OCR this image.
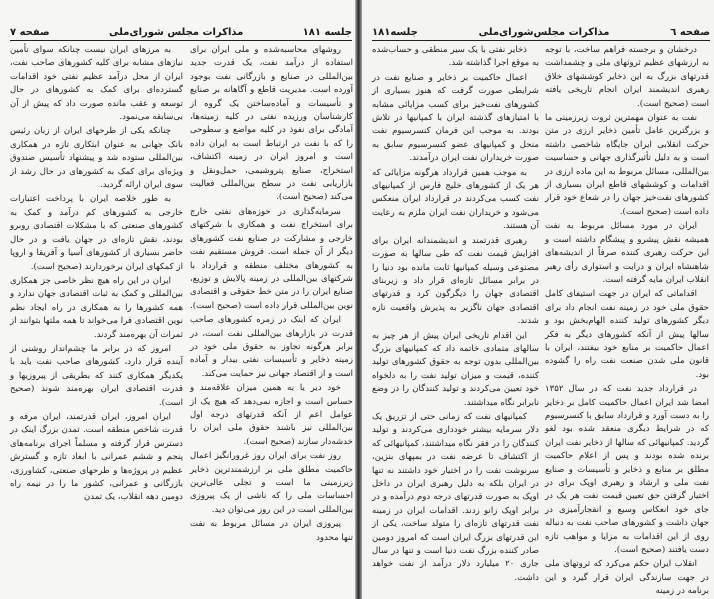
جلسه ۱۸۱
مذاکرات مجلس شورای‌ملی
صفحه ۷

روشهای محاسبه‌شده و ملی ایران برای استفاده از درآمد نفت، یک قدرت جدید بین‌المللی در صنایع و بازرگانی نفت بوجود آورده است. مدیریت قاطع و آگاهانه بر صنایع و تأسیسات و آماده‌ساختن یک گروه از کارشناسان ورزیده نفتی در کلیه زمینه‌ها، آمادگی برای نفوذ در کلیه مواضع و سطوحی را که با نفت در ارتباط است به ایران داده است و امروز ایران در زمینه اکتشاف، استخراج، صنایع پتروشیمی، حمل‌ونقل و بازاریابی نفت در سطح بین‌المللی فعالیت می‌کند (صحیح است).

سرمایه‌گذاری در حوزه‌های نفتی خارج برای استخراج نفت و همکاری با شرکتهای خارجی و مشارکت در صنایع نفت کشورهای دیگر از آن جمله است. فروش مستقیم نفت به کشورهای مختلف منطقه و قرارداد با شرکتهای بین‌المللی در زمینه پالایش و توزیع، صنایع ایران را در متن خط حقوقی و اقتصادی نوین بین‌المللی قرار داده است (صحیح است).

ایران که اینک در زمره کشورهای صاحب قدرت در بازارهای بین‌المللی نفت است، در برابر هرگونه تجاوز به حقوق ملی خود در زمینه ذخایر و تأسیسات نفتی بیدار و آماده است و از اقتصاد جهانی نیز حمایت می‌کند.

خود دیر یا به همین میزان علاقه‌مند و حساس است و اجازه نمی‌دهد که هیچ یک از عوامل اعم از آنکه قدرتهای درجه اول بین‌المللی نیز باشند حقوق ملی ایران را خدشه‌دار سازند (صحیح است).

روز نفت برای ایران روز غرورانگیز اعمال حاکمیت مطلق ملی بر ارزشمندترین ذخایر زیرزمینی ما است و تجلی عالی‌ترین احساسات ملی را که ناشی از یک پیروزی بین‌المللی است در این روز می‌توان دید.

پیروزی ایران در مسائل مربوط به نفت تنها محدود

به مرزهای ایران نیست چنانکه سوای تأمین نیازهای مشابه برای کلیه کشورهای صاحب نفت، ایران از محل درآمد عظیم نفتی خود اقدامات گسترده‌ای برای کمک به کشورهای در حال توسعه و عقب مانده صورت داد که پیش از آن بی‌سابقه می‌نمود.

چنانکه یکی از طرحهای ایران از زبان رئیس بانک جهانی به عنوان ابتکاری تازه در همکاری بین‌المللی ستوده شد و پیشنهاد تأسیس صندوق ویژه‌ای برای کمک به کشورهای در حال رشد از سوی ایران ارائه گردید.

به طور خلاصه ایران با پرداخت اعتبارات خارجی به کشورهای کم درآمد و کمک به کشورهای صنعتی که با مشکلات اقتصادی روبرو بودند، نقش تازه‌ای در جهان یافت و در حال حاضر بسیاری از کشورهای آسیا و آفریقا و اروپا از کمکهای ایران برخوردارند (صحیح است).

ایران در این راه هیچ نظر خاصی جز همکاری بین‌المللی و کمک به ثبات اقتصادی جهان ندارد و همه کشورها را به همکاری در راه ایجاد نظم نوین اقتصادی فرا می‌خواند تا همه ملتها بتوانند از ثمرات آن بهره‌مند گردند.

امروز که در برابر ما چشم‌انداز روشنی از آینده قرار دارد، کشورهای صاحب نفت باید با یکدیگر همکاری کنند که بطریقی از پیروزیها و قدرت اقتصادی ایران بهره‌مند شوند (صحیح است).

ایران امروز، ایران قدرتمند، ایران مرفه و قدرت شاخص منطقه است. تمدن بزرگ اینک در دسترس قرار گرفته و مسلماً اجرای برنامه‌های پنجم و ششم عمرانی با ابعاد تازه و گسترش عظیم در پروژه‌ها و طرحهای صنعتی، کشاورزی، بازرگانی و عمرانی، کشور ما را در نیمه راه دومین دهه انقلاب، یک تمدن

صفحه ٦
مذاکرات مجلس‌شورای‌ملی
جلسه۱۸۱

درخشان و برجسته فراهم ساخت، با توجه به ارزشهای عظیم ثروتهای ملی و چشمداشت قدرتهای بزرگ به این ذخایر کوششهای خلاق رهبری اندیشمند ایران انجام تاریخی یافته است (صحیح است).

نفت به عنوان مهمترین ثروت زیرزمینی ما و بزرگترین عامل تأمین ذخایر ارزی در متن حرکت انقلابی ایران جایگاه شاخصی داشته است و به دلیل تأثیرگذاری جهانی و حساسیت بین‌المللی، مسائل مربوط به این ماده ارزی در اقدامات و کوششهای قاطع ایران بسیاری از کشورهای نفت‌خیز جهان را در شعاع خود قرار داده است (صحیح است).

ایران در مورد مسائل مربوط به نفت همیشه نقش پیشرو و پیشگام داشته است و این حرکت رهبری کننده صرفاً از اندیشه‌های شاهنشاه ایران و درایت و استواری رأی رهبر انقلاب ایران مایه گرفته است.

اقداماتی که ایران در جهت استیفای کامل حقوق ملی خود در زمینه نفت انجام داد برای دیگر کشورهای تولید کننده الهام‌بخش بود و سالها پیش از آنکه کشورهای دیگر به فکر اعمال حاکمیت بر منابع خود بیفتند، ایران با قانون ملی شدن صنعت نفت راه را گشوده بود.

در قرارداد جدید نفت که در سال ۱۳۵۲ امضا شد ایران اعمال حاکمیت کامل بر ذخایر را به دست آورد و قرارداد سابق با کنسرسیوم که در شرایط دیگری منعقد شده بود لغو گردید. کمپانیهائی که سالها از ذخایر نفت ایران برنده شده بودند و پس از اعلام حاکمیت مطلق بر منابع و ذخایر و تأسیسات و صنایع نفت ملی و ارشاد و رهبری اوپک برای در اختیار گرفتن حق تعیین قیمت نفت هر یک در جای خود انعکاس وسیع و انفجارآمیزی در جهان داشت و کشورهای صاحب نفت به دنباله روی از این اقدامات به مزایا و مواهب تازه دست یافتند (صحیح است).

انقلاب ایران حکم می‌کرد که ثروتهای ملی در جهت سازندگی ایران قرار گیرد و این برنامه در زمینه

ذخایر نفتی با یک سیر منطقی و حساب‌شده به موقع اجرا گذاشته شد.

اعمال حاکمیت بر ذخایر و صنایع نفت در شرایطی صورت گرفت که هنوز بسیاری از کشورهای نفت‌خیز برای کسب مزایائی مشابه با امتیازهای گذشته ایران با کمپانیها در تلاش بودند. به موجب این فرمان کنسرسیوم نفت منحل و کمپانیهای عضو کنسرسیوم سابق به صورت خریداران نفت ایران درآمدند.

به موجب همین قرارداد هرگونه مزایائی که هر یک از کشورهای خلیج فارس از کمپانیهای نفت کسب می‌کردند در قرارداد ایران منعکس می‌شود و خریداران نفت ایران ملزم به رعایت آن هستند.

رهبری قدرتمند و اندیشمندانه ایران برای افزایش قیمت نفت که طی سالها به صورت مصنوعی وسیله کمپانیها ثابت مانده بود دنیا را در برابر مسائل تازه‌ای قرار داد و زیربنای اقتصادی جهان را دیگرگون کرد و قدرتهای اقتصادی جهان ناگزیر به پذیرش واقعیت تازه شدند.

این اقدام تاریخی ایران پیش از هر چیز به سالهای متمادی خاتمه داد که کمپانیهای بزرگ بین‌المللی بدون توجه به حقوق کشورهای تولید کننده، قیمت و میزان تولید نفت را به دلخواه خود تعیین می‌کردند و تولید کنندگان را در وضع نابرابر نگاه میداشتند.

کمپانیهای نفت که زمانی حتی از تزریق یک دلار سرمایه بیشتر خودداری می‌کردند و تولید کنندگان را در فقر نگاه میداشتند، کمپانیهائی که از اکتشاف تا عرضه نفت در بمپهای بنزین، سرنوشت نفت را در اختیار خود داشتند نه تنها در ایران بلکه به دلیل رهبری ایران در داخل اوپک به صورت قدرتهای درجه دوم درآمده و در برابر اوپک زانو زدند. اقدامات ایران در زمینه نفت قدرتهای تازه‌ای را متولد ساخت، یکی از این قدرتهای بزرگ ایران است که امروز دومین صادر کننده بزرگ نفت دنیا است و تنها در سال جاری ۲۰ میلیارد دلار درآمد از نفت خواهد داشت.
